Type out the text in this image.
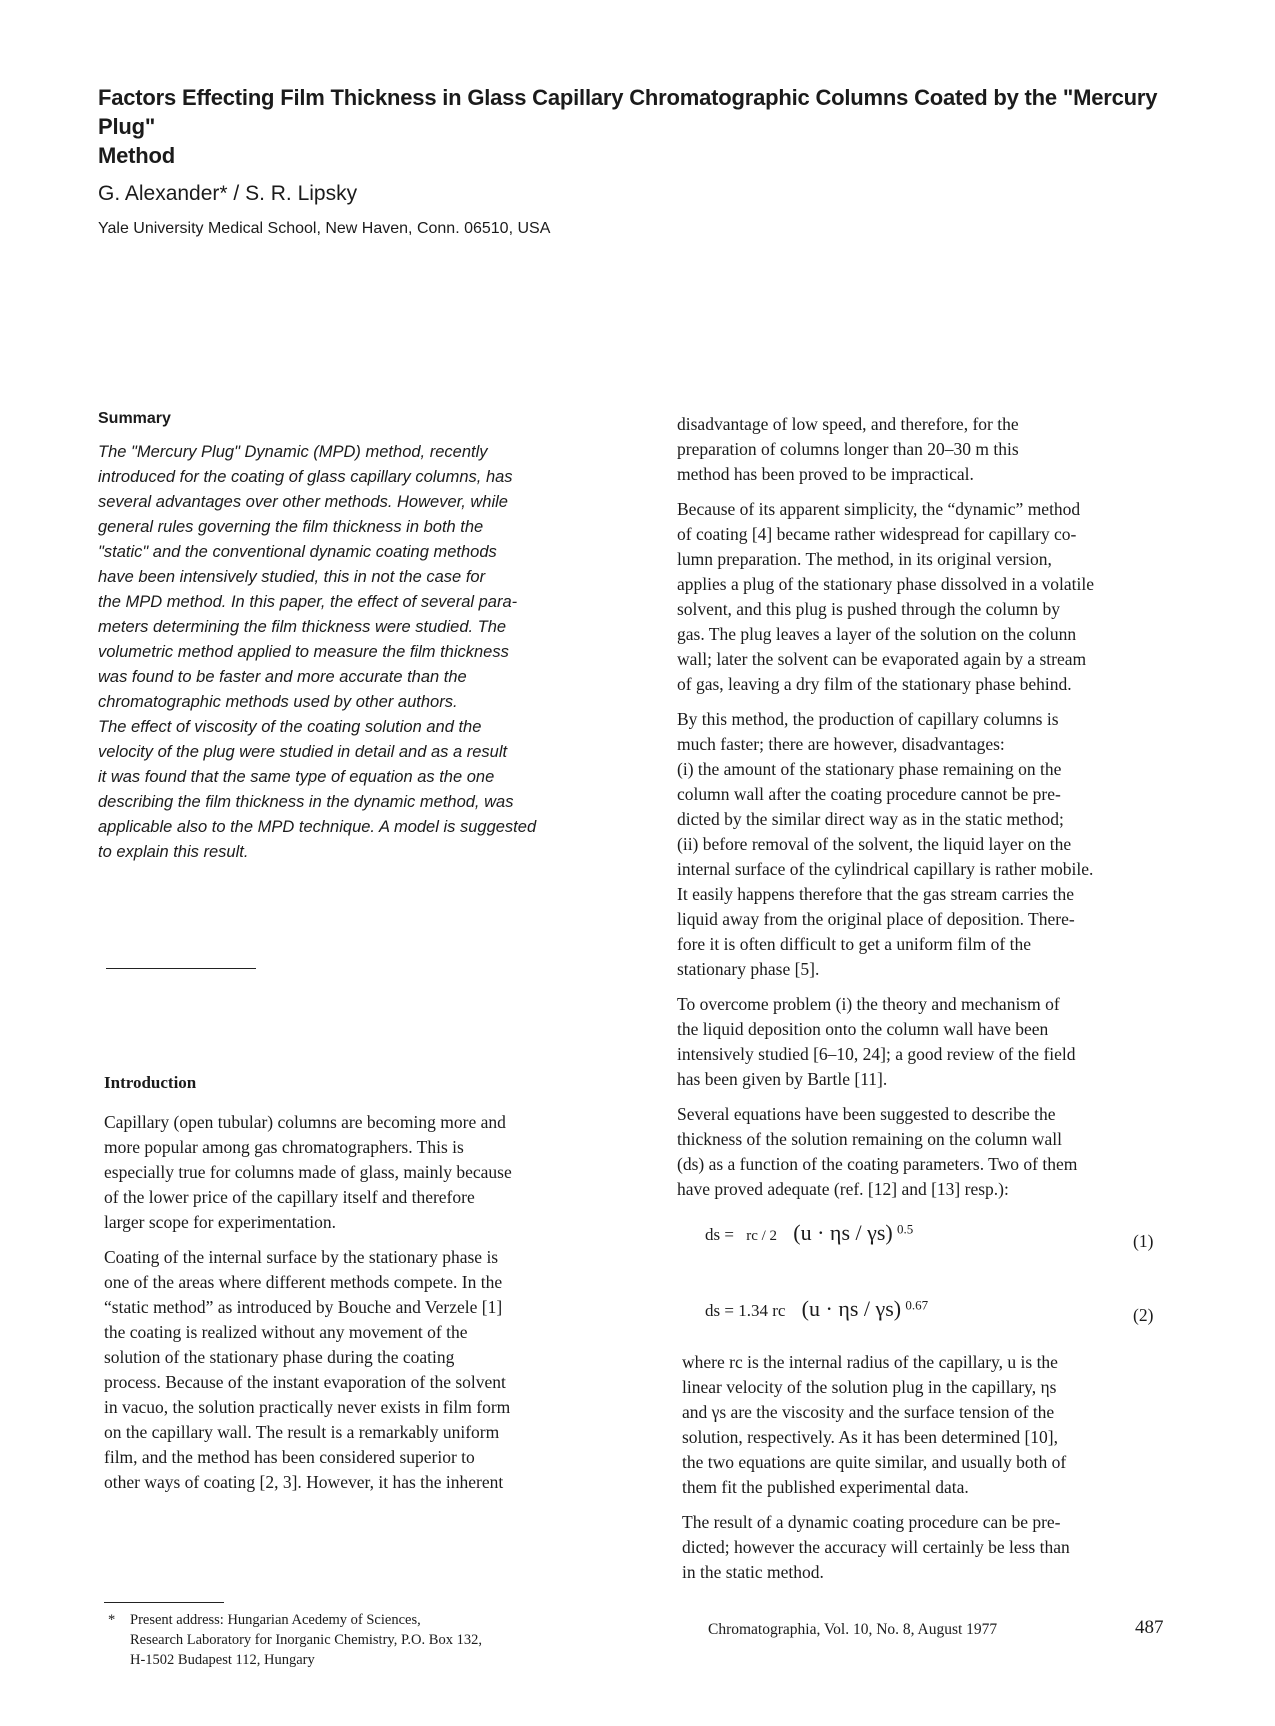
Factors Effecting Film Thickness in Glass Capillary Chromatographic Columns Coated by the "Mercury Plug"
Method
G. Alexander* / S. R. Lipsky
Yale University Medical School, New Haven, Conn. 06510, USA
Summary
The "Mercury Plug" Dynamic (MPD) method, recently
introduced for the coating of glass capillary columns, has
several advantages over other methods. However, while
general rules governing the film thickness in both the
"static" and the conventional dynamic coating methods
have been intensively studied, this in not the case for
the MPD method. In this paper, the effect of several para-
meters determining the film thickness were studied. The
volumetric method applied to measure the film thickness
was found to be faster and more accurate than the
chromatographic methods used by other authors.
The effect of viscosity of the coating solution and the
velocity of the plug were studied in detail and as a result
it was found that the same type of equation as the one
describing the film thickness in the dynamic method, was
applicable also to the MPD technique. A model is suggested
to explain this result.
Introduction
Capillary (open tubular) columns are becoming more and
more popular among gas chromatographers. This is
especially true for columns made of glass, mainly because
of the lower price of the capillary itself and therefore
larger scope for experimentation.
Coating of the internal surface by the stationary phase is
one of the areas where different methods compete. In the
“static method” as introduced by Bouche and Verzele [1]
the coating is realized without any movement of the
solution of the stationary phase during the coating
process. Because of the instant evaporation of the solvent
in vacuo, the solution practically never exists in film form
on the capillary wall. The result is a remarkably uniform
film, and the method has been considered superior to
other ways of coating [2, 3]. However, it has the inherent
*	Present address: Hungarian Acedemy of Sciences,
Research Laboratory for Inorganic Chemistry, P.O. Box 132,
H-1502 Budapest 112, Hungary
disadvantage of low speed, and therefore, for the
preparation of columns longer than 20–30 m this
method has been proved to be impractical.
Because of its apparent simplicity, the “dynamic” method
of coating [4] became rather widespread for capillary co-
lumn preparation. The method, in its original version,
applies a plug of the stationary phase dissolved in a volatile
solvent, and this plug is pushed through the column by
gas. The plug leaves a layer of the solution on the colunn
wall; later the solvent can be evaporated again by a stream
of gas, leaving a dry film of the stationary phase behind.
By this method, the production of capillary columns is
much faster; there are however, disadvantages:
(i) the amount of the stationary phase remaining on the
column wall after the coating procedure cannot be pre-
dicted by the similar direct way as in the static method;
(ii) before removal of the solvent, the liquid layer on the
internal surface of the cylindrical capillary is rather mobile.
It easily happens therefore that the gas stream carries the
liquid away from the original place of deposition. There-
fore it is often difficult to get a uniform film of the
stationary phase [5].
To overcome problem (i) the theory and mechanism of
the liquid deposition onto the column wall have been
intensively studied [6–10, 24]; a good review of the field
has been given by Bartle [11].
Several equations have been suggested to describe the
thickness of the solution remaining on the column wall
(ds) as a function of the coating parameters. Two of them
have proved adequate (ref. [12] and [13] resp.):
ds = rc / 2 (u · ηs / γs) $^{0.5}$
(1)
ds = 1.34 rc (u · ηs / γs) $^{0.67}$
(2)
where rc is the internal radius of the capillary, u is the
linear velocity of the solution plug in the capillary, ηs
and γs are the viscosity and the surface tension of the
solution, respectively. As it has been determined [10],
the two equations are quite similar, and usually both of
them fit the published experimental data.
The result of a dynamic coating procedure can be pre-
dicted; however the accuracy will certainly be less than
in the static method.
Chromatographia, Vol. 10, No. 8, August 1977	487
